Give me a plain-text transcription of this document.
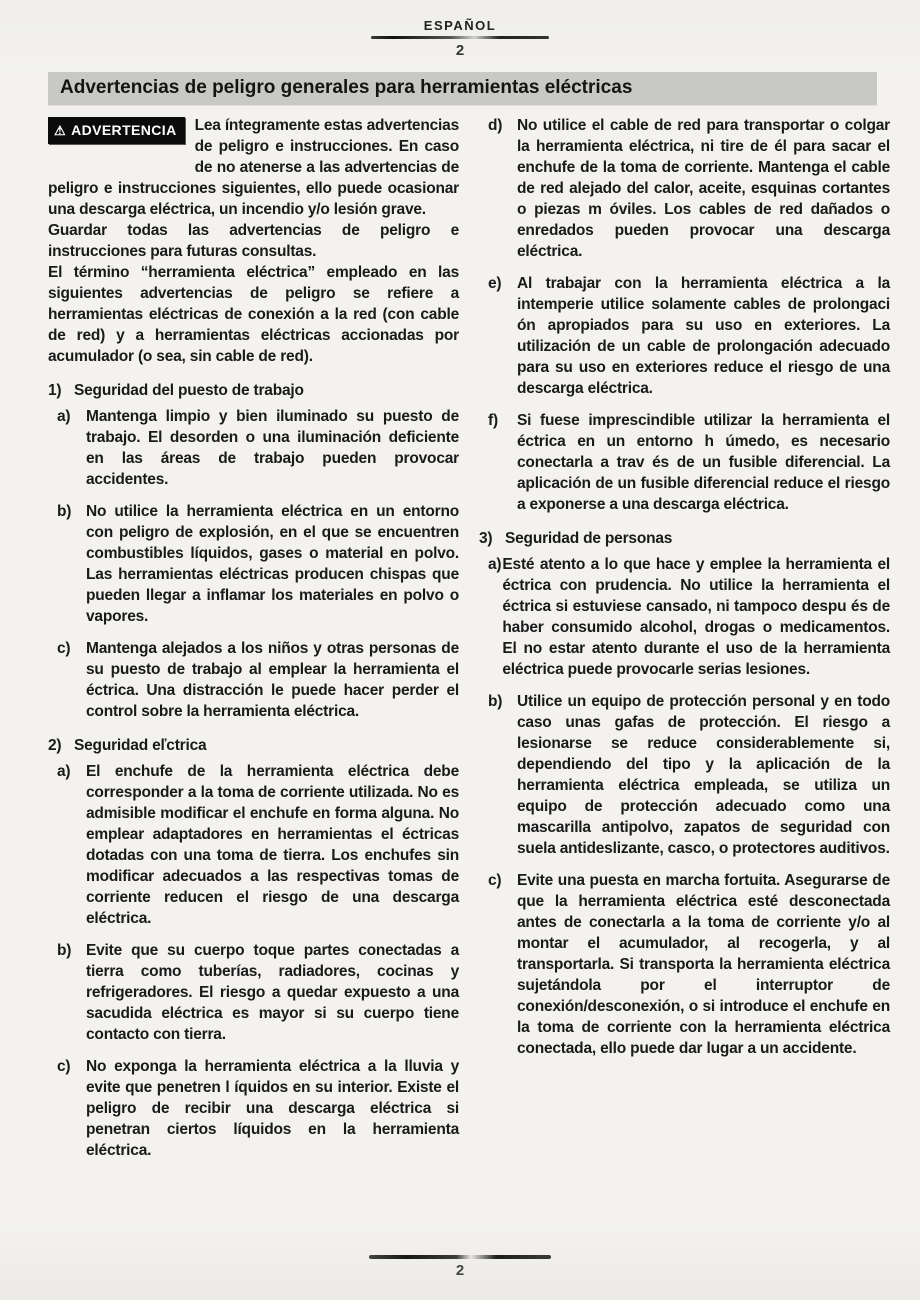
ESPAÑOL
2
Advertencias de peligro generales para herramientas eléctricas

⚠ ADVERTENCIA	Lea íntegramente estas advertencias de peligro e instrucciones. En caso de no atenerse a las advertencias de peligro e instrucciones siguientes, ello puede ocasionar una descarga eléctrica, un incendio y/o lesión grave.

Guardar todas las advertencias de peligro e instrucciones para futuras consultas.

El término “herramienta eléctrica” empleado en las siguientes advertencias de peligro se refiere a herramientas eléctricas de conexión a la red (con cable de red) y a herramientas eléctricas accionadas por acumulador (o sea, sin cable de red).

1) Seguridad del puesto de trabajo
a)	Mantenga limpio y bien iluminado su puesto de trabajo. El desorden o una iluminación deficiente en las áreas de trabajo pueden provocar accidentes.
b) No utilice la herramienta eléctrica en un entorno con peligro de explosión, en el que se encuentren combustibles líquidos, gases o material en polvo. Las herramientas eléctricas producen chispas que pueden llegar a inflamar los materiales en polvo o vapores.
c)	Mantenga alejados a los niños y otras personas de su puesto de trabajo al emplear la herramienta el éctrica. Una distracción le puede hacer perder el control sobre la herramienta eléctrica.
2) Seguridad eľctrica
a)	El enchufe de la herramienta eléctrica debe corresponder a la toma de corriente utilizada. No es admisible modificar el enchufe en forma alguna. No emplear adaptadores en herramientas el éctricas dotadas con una toma de tierra. Los enchufes sin modificar adecuados a las respectivas tomas de corriente reducen el riesgo de una descarga eléctrica.
b) Evite que su cuerpo toque partes conectadas a tierra como tuberías, radiadores, cocinas y refrigeradores. El riesgo a quedar expuesto a una sacudida eléctrica es mayor si su cuerpo tiene contacto con tierra.
c)	No exponga la herramienta eléctrica a la lluvia y evite que penetren l íquidos en su interior. Existe el peligro de recibir una descarga eléctrica si penetran ciertos líquidos en la herramienta eléctrica.
d) No utilice el cable de red para transportar o colgar la herramienta eléctrica, ni tire de él para sacar el enchufe de la toma de corriente. Mantenga el cable de red alejado del calor, aceite, esquinas cortantes o piezas m óviles. Los cables de red dañados o enredados pueden provocar una descarga eléctrica.
e)	Al trabajar con la herramienta eléctrica a la intemperie utilice solamente cables de prolongaci ón apropiados para su uso en exteriores. La utilización de un cable de prolongación adecuado para su uso en exteriores reduce el riesgo de una descarga eléctrica.
f)	Si fuese imprescindible utilizar la herramienta el éctrica en un entorno h úmedo, es necesario conectarla a trav és de un fusible diferencial. La aplicación de un fusible diferencial reduce el riesgo a exponerse a una descarga eléctrica.
3) Seguridad de personas
a) Esté atento a lo que hace y emplee la herramienta el éctrica con prudencia. No utilice la herramienta el éctrica si estuviese cansado, ni tampoco despu és de haber consumido alcohol, drogas o medicamentos. El no estar atento durante el uso de la herramienta eléctrica puede provocarle serias lesiones.
b) Utilice un equipo de protección personal y en todo caso unas gafas de protección. El riesgo a lesionarse se reduce considerablemente si, dependiendo del tipo y la aplicación de la herramienta eléctrica empleada, se utiliza un equipo de protección adecuado como una mascarilla antipolvo, zapatos de seguridad con suela antideslizante, casco, o protectores auditivos.
c)	Evite una puesta en marcha fortuita. Asegurarse de que la herramienta eléctrica esté desconectada antes de conectarla a la toma de corriente y/o al montar el acumulador, al recogerla, y al transportarla. Si transporta la herramienta eléctrica sujetándola por el interruptor de conexión/desconexión, o si introduce el enchufe en la toma de corriente con la herramienta eléctrica conectada, ello puede dar lugar a un accidente.
2
